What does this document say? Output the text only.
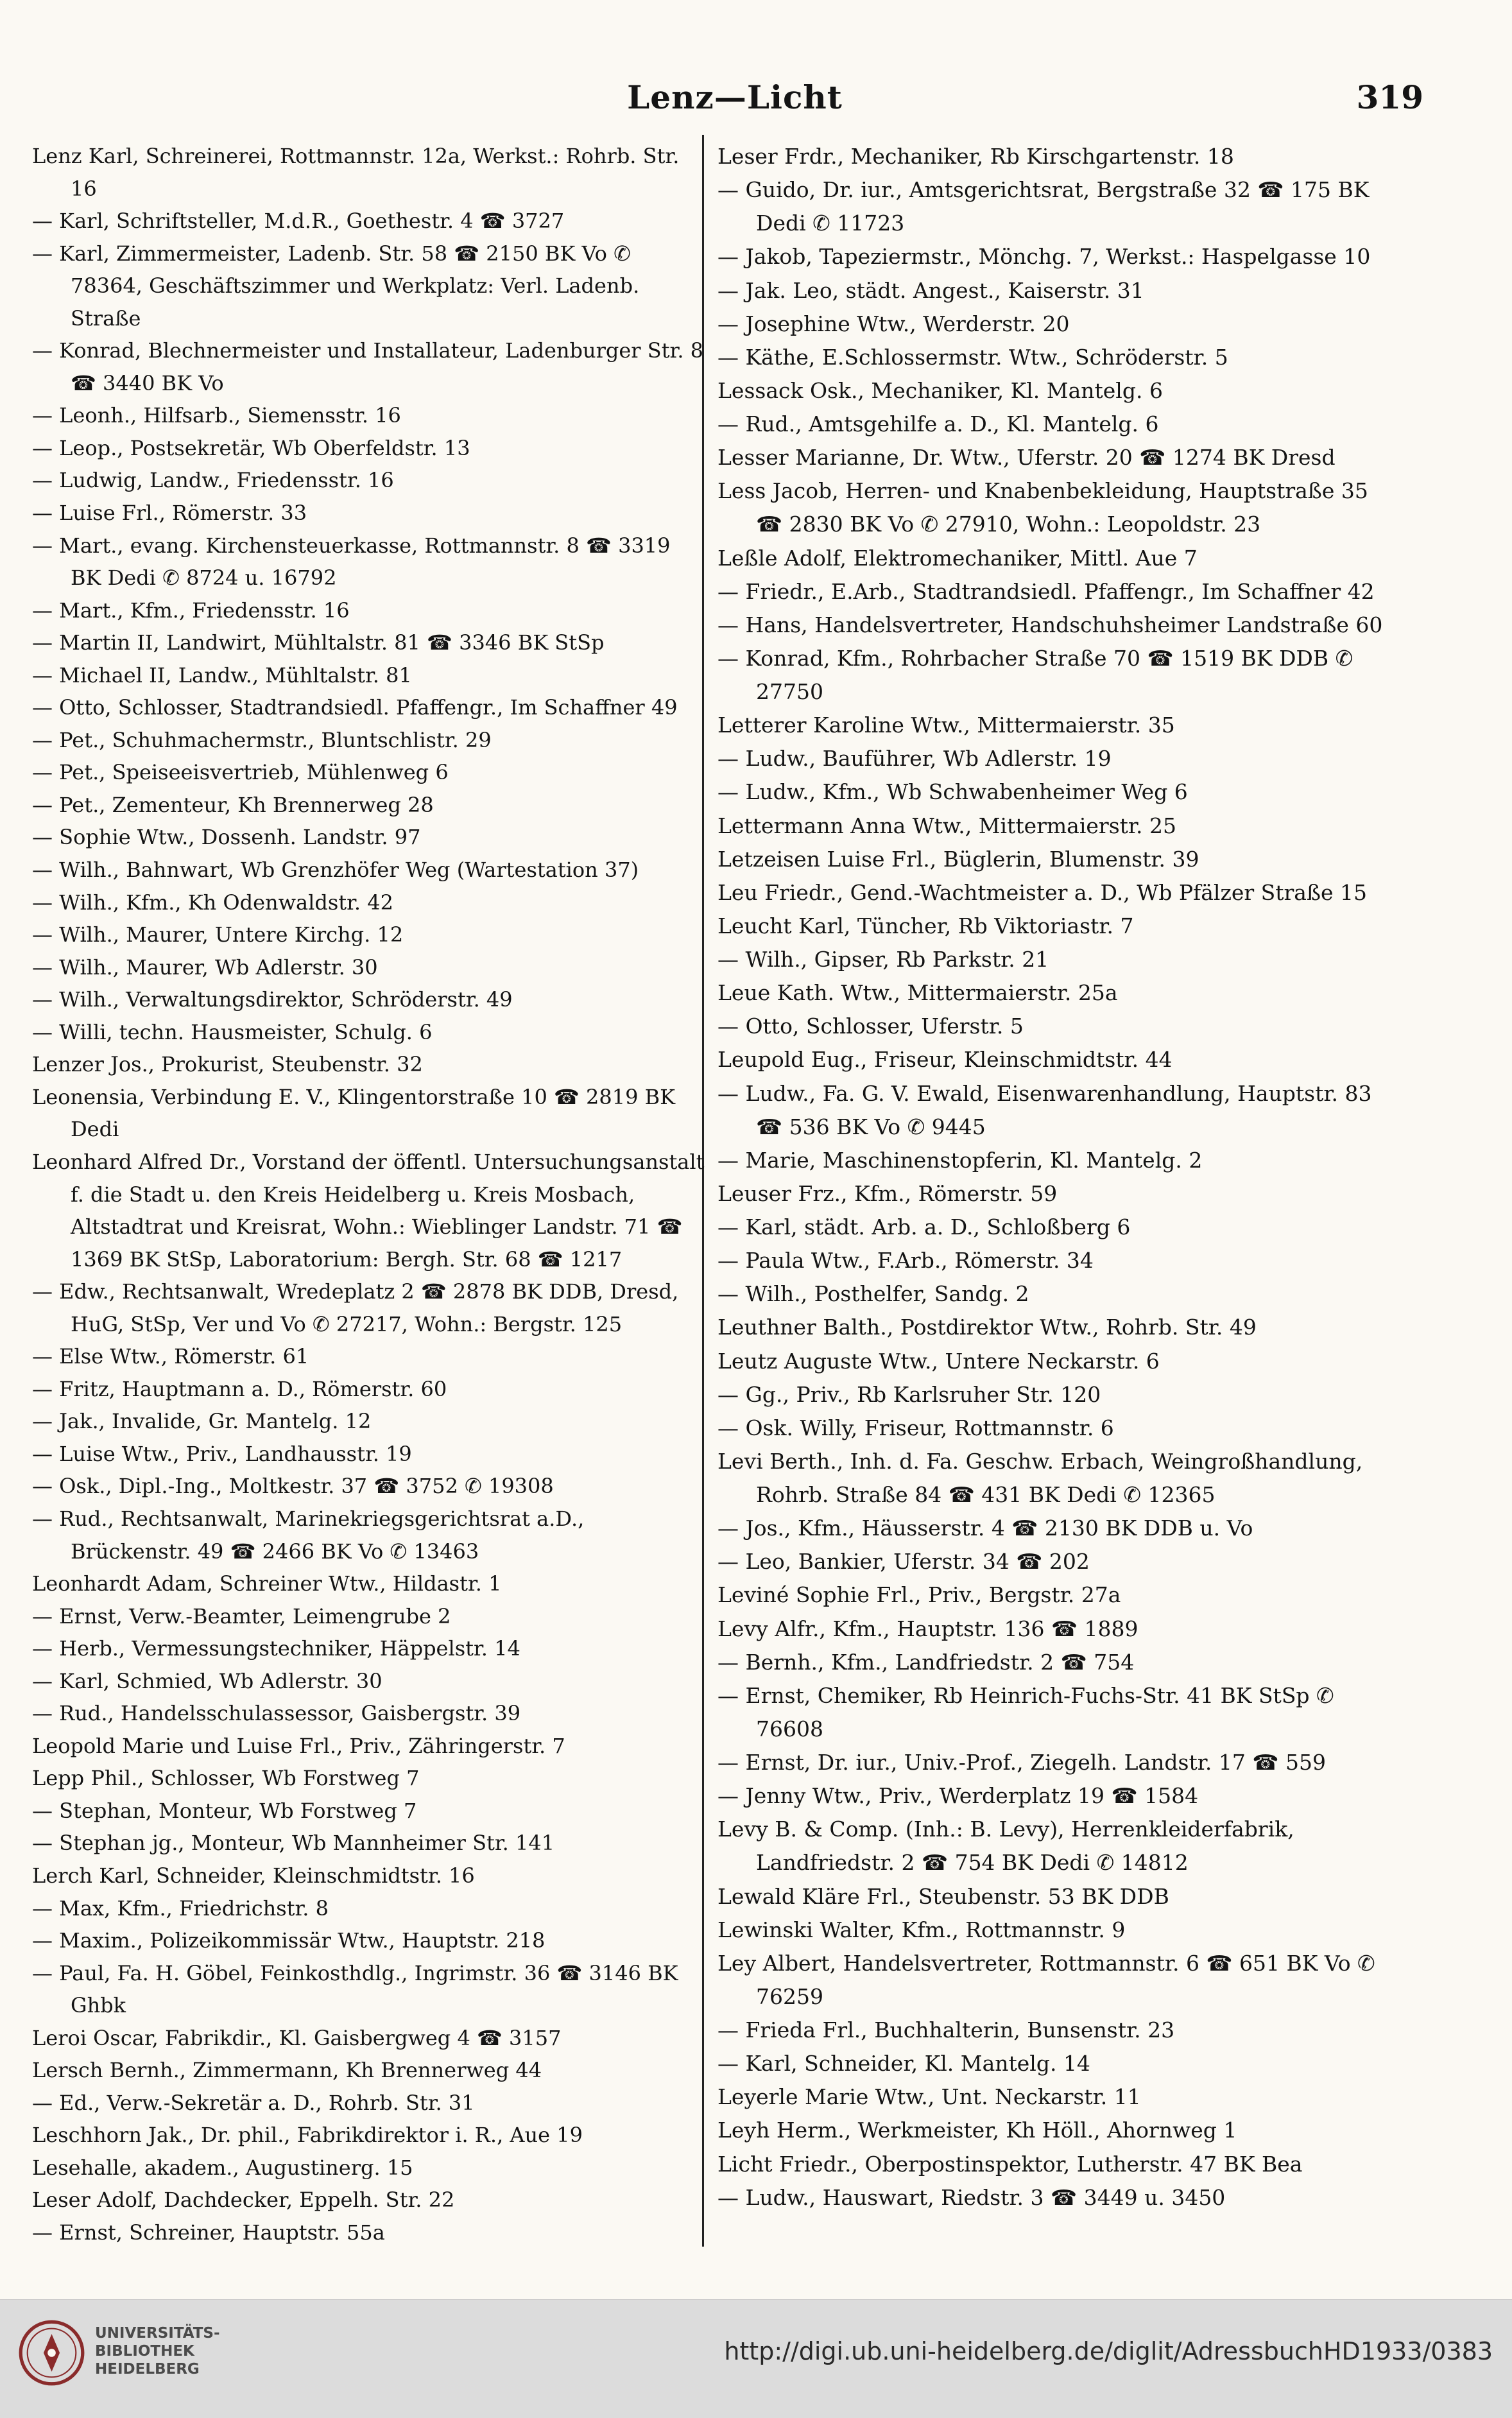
Lenz—Licht	319

Lenz Karl, Schreinerei, Rottmannstr. 12a, Werkst.: Rohrb. Str. 16

— Karl, Schriftsteller, M.d.R., Goethestr. 4 ☎ 3727

— Karl, Zimmermeister, Ladenb. Str. 58 ☎ 2150 BK Vo ✆ 78364, Geschäftszimmer und Werkplatz: Verl. Ladenb. Straße

— Konrad, Blechnermeister und Installateur, Ladenburger Str. 8 ☎ 3440 BK Vo

— Leonh., Hilfsarb., Siemensstr. 16

— Leop., Postsekretär, Wb Oberfeldstr. 13

— Ludwig, Landw., Friedensstr. 16

— Luise Frl., Römerstr. 33

— Mart., evang. Kirchensteuerkasse, Rottmannstr. 8 ☎ 3319 BK Dedi ✆ 8724 u. 16792

— Mart., Kfm., Friedensstr. 16

— Martin II, Landwirt, Mühltalstr. 81 ☎ 3346 BK StSp

— Michael II, Landw., Mühltalstr. 81

— Otto, Schlosser, Stadtrandsiedl. Pfaffengr., Im Schaffner 49

— Pet., Schuhmachermstr., Bluntschlistr. 29

— Pet., Speiseeisvertrieb, Mühlenweg 6

— Pet., Zementeur, Kh Brennerweg 28

— Sophie Wtw., Dossenh. Landstr. 97

— Wilh., Bahnwart, Wb Grenzhöfer Weg (Wartestation 37)

— Wilh., Kfm., Kh Odenwaldstr. 42

— Wilh., Maurer, Untere Kirchg. 12

— Wilh., Maurer, Wb Adlerstr. 30

— Wilh., Verwaltungsdirektor, Schröderstr. 49

— Willi, techn. Hausmeister, Schulg. 6

Lenzer Jos., Prokurist, Steubenstr. 32

Leonensia, Verbindung E. V., Klingentorstraße 10 ☎ 2819 BK Dedi

Leonhard Alfred Dr., Vorstand der öffentl. Untersuchungsanstalt f. die Stadt u. den Kreis Heidelberg u. Kreis Mosbach, Altstadtrat und Kreisrat, Wohn.: Wieblinger Landstr. 71 ☎ 1369 BK StSp, Laboratorium: Bergh. Str. 68 ☎ 1217

— Edw., Rechtsanwalt, Wredeplatz 2 ☎ 2878 BK DDB, Dresd, HuG, StSp, Ver und Vo ✆ 27217, Wohn.: Bergstr. 125

— Else Wtw., Römerstr. 61

— Fritz, Hauptmann a. D., Römerstr. 60

— Jak., Invalide, Gr. Mantelg. 12

— Luise Wtw., Priv., Landhausstr. 19

— Osk., Dipl.-Ing., Moltkestr. 37 ☎ 3752 ✆ 19308

— Rud., Rechtsanwalt, Marinekriegsgerichtsrat a.D., Brückenstr. 49 ☎ 2466 BK Vo ✆ 13463

Leonhardt Adam, Schreiner Wtw., Hildastr. 1

— Ernst, Verw.-Beamter, Leimengrube 2

— Herb., Vermessungstechniker, Häppelstr. 14

— Karl, Schmied, Wb Adlerstr. 30

— Rud., Handelsschulassessor, Gaisbergstr. 39

Leopold Marie und Luise Frl., Priv., Zähringerstr. 7

Lepp Phil., Schlosser, Wb Forstweg 7

— Stephan, Monteur, Wb Forstweg 7

— Stephan jg., Monteur, Wb Mannheimer Str. 141

Lerch Karl, Schneider, Kleinschmidtstr. 16

— Max, Kfm., Friedrichstr. 8

— Maxim., Polizeikommissär Wtw., Hauptstr. 218

— Paul, Fa. H. Göbel, Feinkosthdlg., Ingrimstr. 36 ☎ 3146 BK Ghbk

Leroi Oscar, Fabrikdir., Kl. Gaisbergweg 4 ☎ 3157

Lersch Bernh., Zimmermann, Kh Brennerweg 44

— Ed., Verw.-Sekretär a. D., Rohrb. Str. 31

Leschhorn Jak., Dr. phil., Fabrikdirektor i. R., Aue 19

Lesehalle, akadem., Augustinerg. 15

Leser Adolf, Dachdecker, Eppelh. Str. 22

— Ernst, Schreiner, Hauptstr. 55a

Leser Frdr., Mechaniker, Rb Kirschgartenstr. 18

— Guido, Dr. iur., Amtsgerichtsrat, Bergstraße 32 ☎ 175 BK Dedi ✆ 11723

— Jakob, Tapeziermstr., Mönchg. 7, Werkst.: Haspelgasse 10

— Jak. Leo, städt. Angest., Kaiserstr. 31

— Josephine Wtw., Werderstr. 20

— Käthe, E.Schlossermstr. Wtw., Schröderstr. 5

Lessack Osk., Mechaniker, Kl. Mantelg. 6

— Rud., Amtsgehilfe a. D., Kl. Mantelg. 6

Lesser Marianne, Dr. Wtw., Uferstr. 20 ☎ 1274 BK Dresd

Less Jacob, Herren- und Knabenbekleidung, Hauptstraße 35 ☎ 2830 BK Vo ✆ 27910, Wohn.: Leopoldstr. 23

Leßle Adolf, Elektromechaniker, Mittl. Aue 7

— Friedr., E.Arb., Stadtrandsiedl. Pfaffengr., Im Schaffner 42

— Hans, Handelsvertreter, Handschuhsheimer Landstraße 60

— Konrad, Kfm., Rohrbacher Straße 70 ☎ 1519 BK DDB ✆ 27750

Letterer Karoline Wtw., Mittermaierstr. 35

— Ludw., Bauführer, Wb Adlerstr. 19

— Ludw., Kfm., Wb Schwabenheimer Weg 6

Lettermann Anna Wtw., Mittermaierstr. 25

Letzeisen Luise Frl., Büglerin, Blumenstr. 39

Leu Friedr., Gend.-Wachtmeister a. D., Wb Pfälzer Straße 15

Leucht Karl, Tüncher, Rb Viktoriastr. 7

— Wilh., Gipser, Rb Parkstr. 21

Leue Kath. Wtw., Mittermaierstr. 25a

— Otto, Schlosser, Uferstr. 5

Leupold Eug., Friseur, Kleinschmidtstr. 44

— Ludw., Fa. G. V. Ewald, Eisenwarenhandlung, Hauptstr. 83 ☎ 536 BK Vo ✆ 9445

— Marie, Maschinenstopferin, Kl. Mantelg. 2

Leuser Frz., Kfm., Römerstr. 59

— Karl, städt. Arb. a. D., Schloßberg 6

— Paula Wtw., F.Arb., Römerstr. 34

— Wilh., Posthelfer, Sandg. 2

Leuthner Balth., Postdirektor Wtw., Rohrb. Str. 49

Leutz Auguste Wtw., Untere Neckarstr. 6

— Gg., Priv., Rb Karlsruher Str. 120

— Osk. Willy, Friseur, Rottmannstr. 6

Levi Berth., Inh. d. Fa. Geschw. Erbach, Weingroßhandlung, Rohrb. Straße 84 ☎ 431 BK Dedi ✆ 12365

— Jos., Kfm., Häusserstr. 4 ☎ 2130 BK DDB u. Vo

— Leo, Bankier, Uferstr. 34 ☎ 202

Leviné Sophie Frl., Priv., Bergstr. 27a

Levy Alfr., Kfm., Hauptstr. 136 ☎ 1889

— Bernh., Kfm., Landfriedstr. 2 ☎ 754

— Ernst, Chemiker, Rb Heinrich-Fuchs-Str. 41 BK StSp ✆ 76608

— Ernst, Dr. iur., Univ.-Prof., Ziegelh. Landstr. 17 ☎ 559

— Jenny Wtw., Priv., Werderplatz 19 ☎ 1584

Levy B. & Comp. (Inh.: B. Levy), Herrenkleiderfabrik, Landfriedstr. 2 ☎ 754 BK Dedi ✆ 14812

Lewald Kläre Frl., Steubenstr. 53 BK DDB

Lewinski Walter, Kfm., Rottmannstr. 9

Ley Albert, Handelsvertreter, Rottmannstr. 6 ☎ 651 BK Vo ✆ 76259

— Frieda Frl., Buchhalterin, Bunsenstr. 23

— Karl, Schneider, Kl. Mantelg. 14

Leyerle Marie Wtw., Unt. Neckarstr. 11

Leyh Herm., Werkmeister, Kh Höll., Ahornweg 1

Licht Friedr., Oberpostinspektor, Lutherstr. 47 BK Bea

— Ludw., Hauswart, Riedstr. 3 ☎ 3449 u. 3450

UNIVERSITÄTS-
BIBLIOTHEK
HEIDELBERG
http://digi.ub.uni-heidelberg.de/diglit/AdressbuchHD1933/0383
